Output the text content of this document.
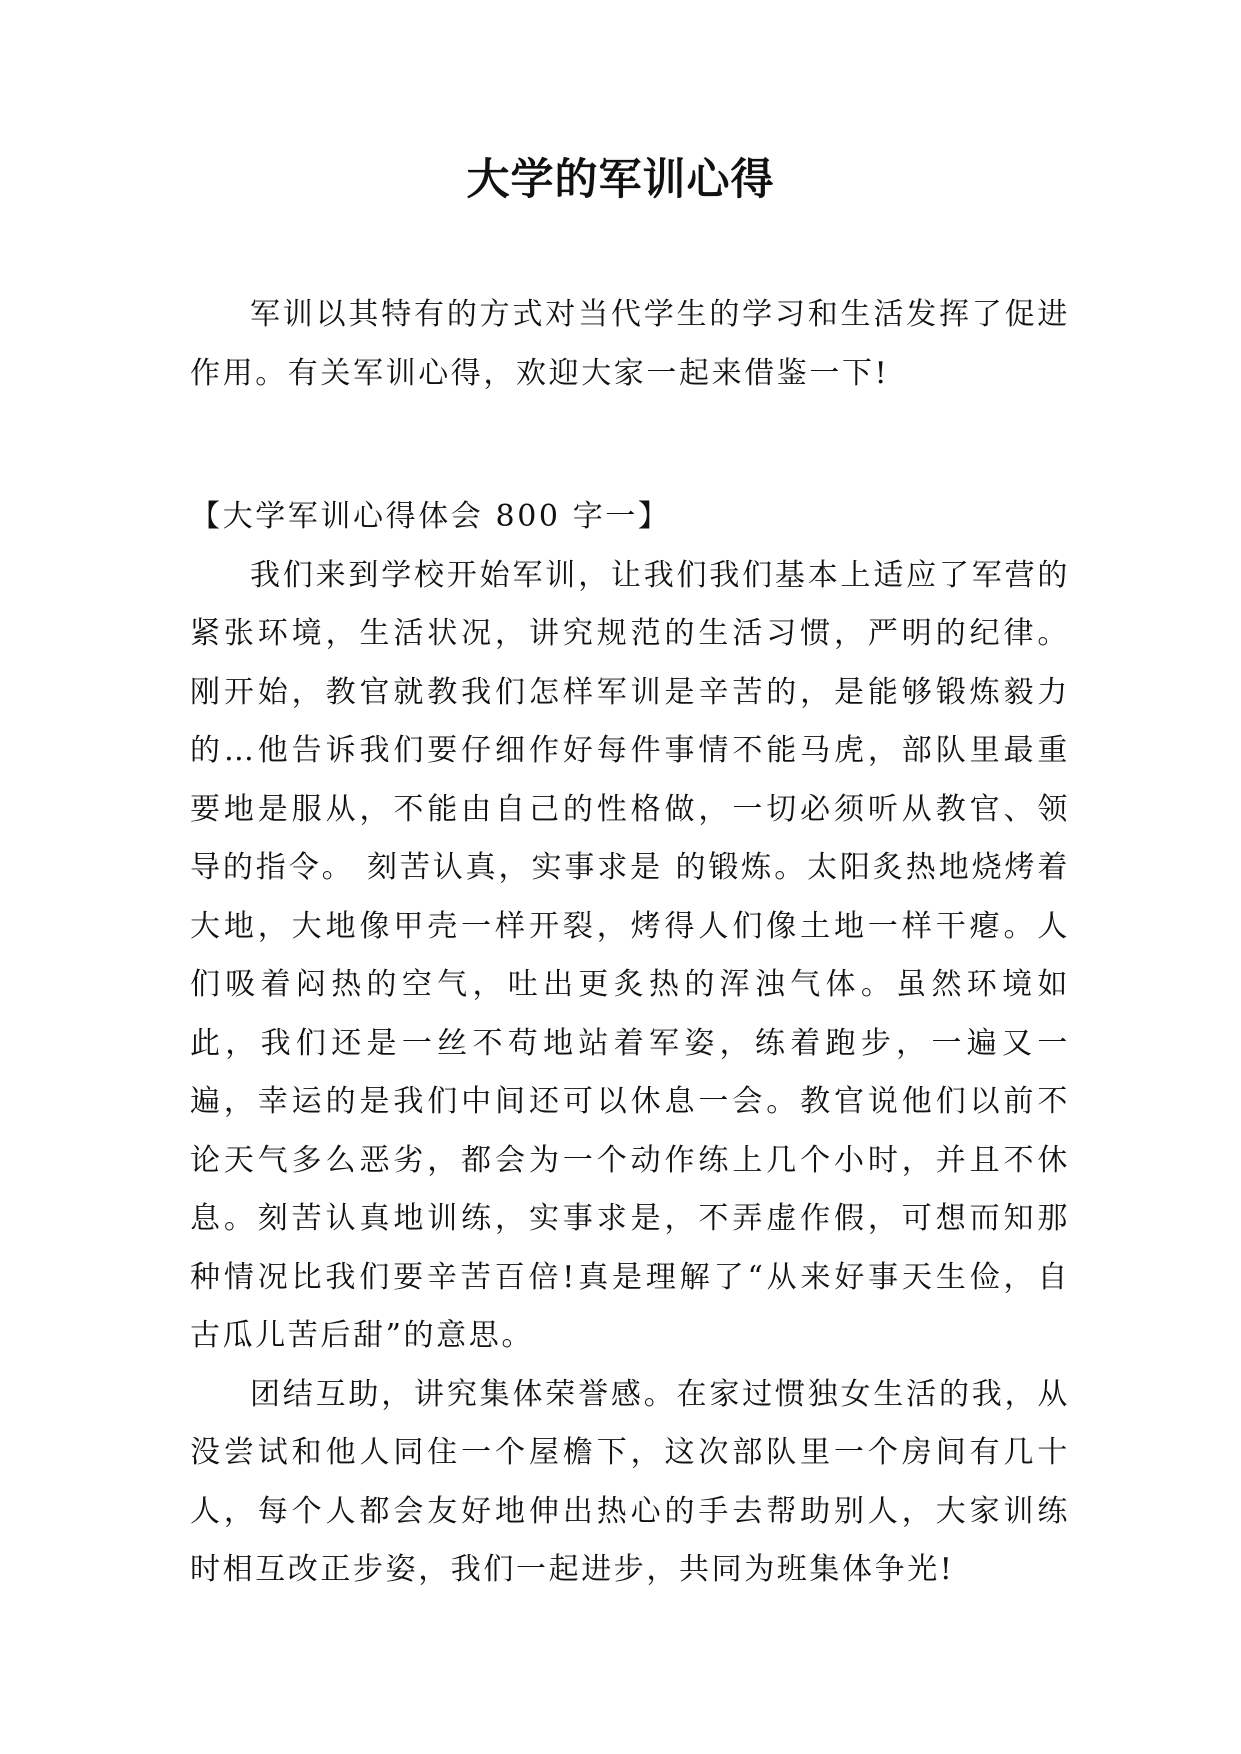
大学的军训心得

军训以其特有的方式对当代学生的学习和生活发挥了促进作用。有关军训心得，欢迎大家一起来借鉴一下!

【大学军训心得体会 800 字一】

我们来到学校开始军训，让我们我们基本上适应了军营的紧张环境，生活状况，讲究规范的生活习惯，严明的纪律。刚开始，教官就教我们怎样军训是辛苦的，是能够锻炼毅力的…他告诉我们要仔细作好每件事情不能马虎，部队里最重要地是服从，不能由自己的性格做，一切必须听从教官、领导的指令。 刻苦认真，实事求是 的锻炼。太阳炙热地烧烤着大地，大地像甲壳一样开裂，烤得人们像土地一样干瘪。人们吸着闷热的空气，吐出更炙热的浑浊气体。虽然环境如此，我们还是一丝不苟地站着军姿，练着跑步，一遍又一遍，幸运的是我们中间还可以休息一会。教官说他们以前不论天气多么恶劣，都会为一个动作练上几个小时，并且不休息。刻苦认真地训练，实事求是，不弄虚作假，可想而知那种情况比我们要辛苦百倍!真是理解了“从来好事天生俭，自古瓜儿苦后甜”的意思。

团结互助，讲究集体荣誉感。在家过惯独女生活的我，从没尝试和他人同住一个屋檐下，这次部队里一个房间有几十人，每个人都会友好地伸出热心的手去帮助别人，大家训练时相互改正步姿，我们一起进步，共同为班集体争光!
